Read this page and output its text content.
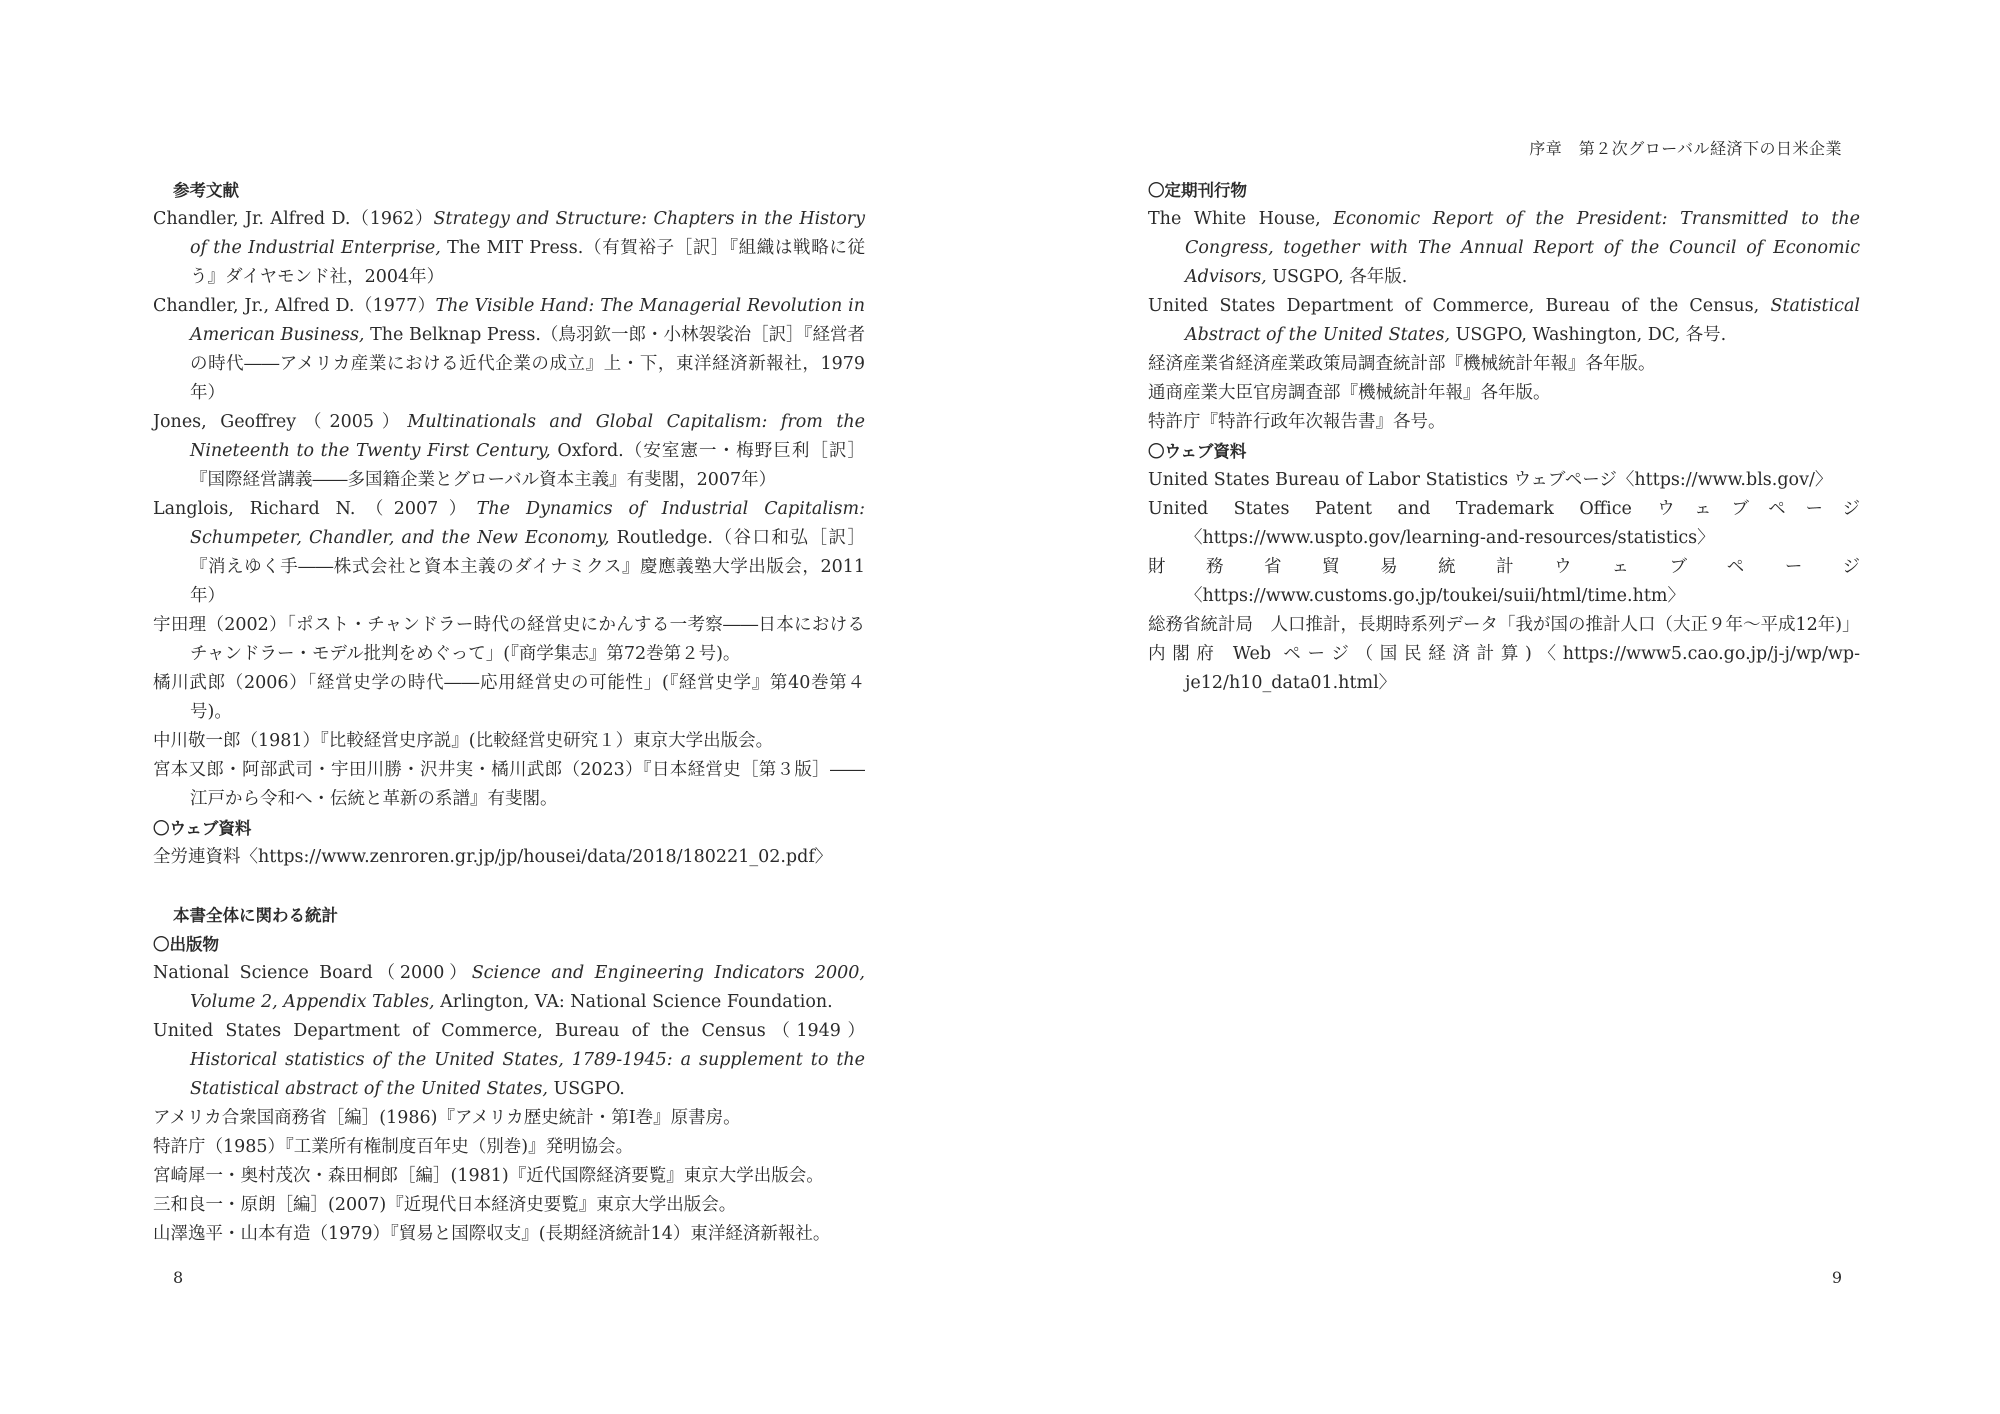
参考文献
Chandler, Jr. Alfred D.（1962）Strategy and Structure: Chapters in the History of the Industrial Enterprise, The MIT Press.（有賀裕子［訳］『組織は戦略に従う』ダイヤモンド社，2004年）
Chandler, Jr., Alfred D.（1977）The Visible Hand: The Managerial Revolution in American Business, The Belknap Press.（鳥羽欽一郎・小林袈裟治［訳］『経営者の時代――アメリカ産業における近代企業の成立』上・下，東洋経済新報社，1979年）
Jones, Geoffrey（2005）Multinationals and Global Capitalism: from the Nineteenth to the Twenty First Century, Oxford.（安室憲一・梅野巨利［訳］『国際経営講義――多国籍企業とグローバル資本主義』有斐閣，2007年）
Langlois, Richard N.（2007）The Dynamics of Industrial Capitalism: Schumpeter, Chandler, and the New Economy, Routledge.（谷口和弘［訳］『消えゆく手――株式会社と資本主義のダイナミクス』慶應義塾大学出版会，2011年）
宇田理（2002）「ポスト・チャンドラー時代の経営史にかんする一考察――日本におけるチャンドラー・モデル批判をめぐって」(『商学集志』第72巻第２号)。
橘川武郎（2006）「経営史学の時代――応用経営史の可能性」(『経営史学』第40巻第４号)。
中川敬一郎（1981）『比較経営史序説』(比較経営史研究１）東京大学出版会。
宮本又郎・阿部武司・宇田川勝・沢井実・橘川武郎（2023）『日本経営史［第３版］――江戸から令和へ・伝統と革新の系譜』有斐閣。
〇ウェブ資料
全労連資料〈https://www.zenroren.gr.jp/jp/housei/data/2018/180221_02.pdf〉
本書全体に関わる統計
〇出版物
National Science Board（2000）Science and Engineering Indicators 2000, Volume 2, Appendix Tables, Arlington, VA: National Science Foundation.
United States Department of Commerce, Bureau of the Census（1949）Historical statistics of the United States, 1789-1945: a supplement to the Statistical abstract of the United States, USGPO.
アメリカ合衆国商務省［編］(1986)『アメリカ歴史統計・第Ⅰ巻』原書房。
特許庁（1985）『工業所有権制度百年史（別巻)』発明協会。
宮崎犀一・奥村茂次・森田桐郎［編］(1981)『近代国際経済要覧』東京大学出版会。
三和良一・原朗［編］(2007)『近現代日本経済史要覧』東京大学出版会。
山澤逸平・山本有造（1979）『貿易と国際収支』(長期経済統計14）東洋経済新報社。
8
序章　第２次グローバル経済下の日米企業
〇定期刊行物
The White House, Economic Report of the President: Transmitted to the Congress, together with The Annual Report of the Council of Economic Advisors, USGPO, 各年版.
United States Department of Commerce, Bureau of the Census, Statistical Abstract of the United States, USGPO, Washington, DC, 各号.
経済産業省経済産業政策局調査統計部『機械統計年報』各年版。
通商産業大臣官房調査部『機械統計年報』各年版。
特許庁『特許行政年次報告書』各号。
〇ウェブ資料
United States Bureau of Labor Statistics ウェブページ〈https://www.bls.gov/〉
United States Patent and Trademark Office ウェブページ〈https://www.uspto.gov/learning-and-resources/statistics〉
財務省貿易統計ウェブページ〈https://www.customs.go.jp/toukei/suii/html/time.htm〉
総務省統計局　人口推計，長期時系列データ「我が国の推計人口（大正９年～平成12年)」
内閣府 Web ページ（国民経済計算)〈https://www5.cao.go.jp/j-j/wp/wp-je12/h10_data01.html〉
9
